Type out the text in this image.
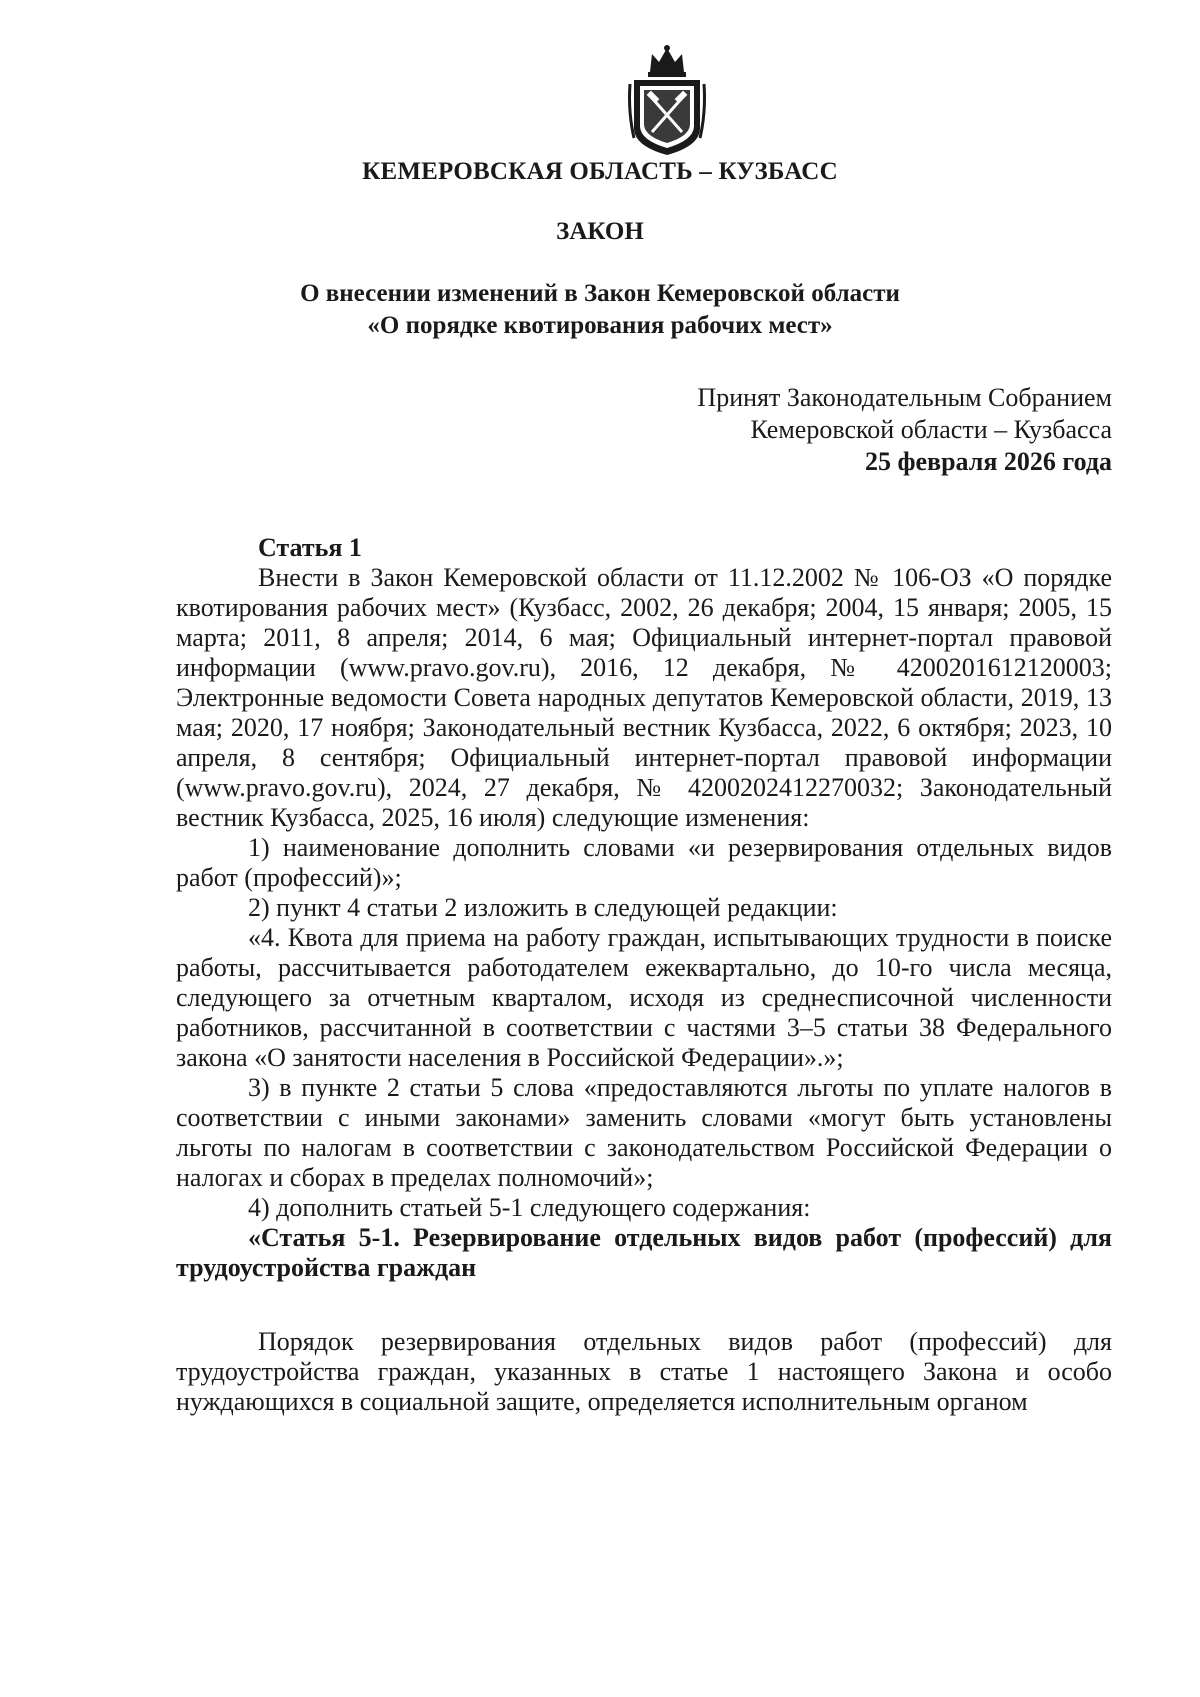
КЕМЕРОВСКАЯ ОБЛАСТЬ – КУЗБАСС
ЗАКОН
О внесении изменений в Закон Кемеровской области
«О порядке квотирования рабочих мест»
Принят Законодательным Собранием
Кемеровской области – Кузбасса
25 февраля 2026 года

Статья 1

Внести в Закон Кемеровской области от 11.12.2002 № 106-ОЗ «О порядке квотирования рабочих мест» (Кузбасс, 2002, 26 декабря; 2004, 15 января; 2005, 15 марта; 2011, 8 апреля; 2014, 6 мая; Официальный интернет-портал правовой информации (www.pravo.gov.ru), 2016, 12 декабря, № 4200201612120003; Электронные ведомости Совета народных депутатов Кемеровской области, 2019, 13 мая; 2020, 17 ноября; Законодательный вестник Кузбасса, 2022, 6 октября; 2023, 10 апреля, 8 сентября; Официальный интернет-портал правовой информации (www.pravo.gov.ru), 2024, 27 декабря, № 4200202412270032; Законодательный вестник Кузбасса, 2025, 16 июля) следующие изменения:

1) наименование дополнить словами «и резервирования отдельных видов работ (профессий)»;

2) пункт 4 статьи 2 изложить в следующей редакции:

«4. Квота для приема на работу граждан, испытывающих трудности в поиске работы, рассчитывается работодателем ежеквартально, до 10-го числа месяца, следующего за отчетным кварталом, исходя из среднесписочной численности работников, рассчитанной в соответствии с частями 3–5 статьи 38 Федерального закона «О занятости населения в Российской Федерации».»;

3) в пункте 2 статьи 5 слова «предоставляются льготы по уплате налогов в соответствии с иными законами» заменить словами «могут быть установлены льготы по налогам в соответствии с законодательством Российской Федерации о налогах и сборах в пределах полномочий»;

4) дополнить статьей 5-1 следующего содержания:

«Статья 5-1. Резервирование отдельных видов работ (профессий) для трудоустройства граждан

Порядок резервирования отдельных видов работ (профессий) для трудоустройства граждан, указанных в статье 1 настоящего Закона и особо нуждающихся в социальной защите, определяется исполнительным органом
